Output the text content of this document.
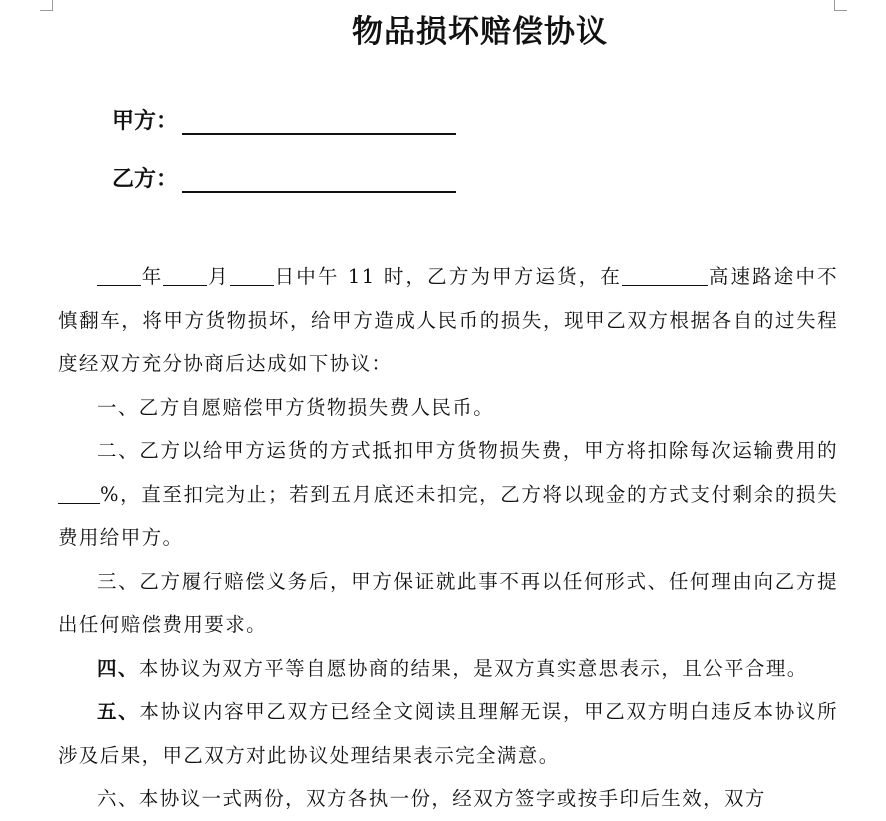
物品损坏赔偿协议
甲方：
乙方：

年 月 日中午 11 时，乙方为甲方运货，在	高速路途中不慎翻车，将甲方货物损坏，给甲方造成人民币的损失，现甲乙双方根据各自的过失程度经双方充分协商后达成如下协议：

一、乙方自愿赔偿甲方货物损失费人民币。

二、乙方以给甲方运货的方式抵扣甲方货物损失费，甲方将扣除每次运输费用的%，直至扣完为止；若到五月底还未扣完，乙方将以现金的方式支付剩余的损失费用给甲方。

三、乙方履行赔偿义务后，甲方保证就此事不再以任何形式、任何理由向乙方提出任何赔偿费用要求。

四、本协议为双方平等自愿协商的结果，是双方真实意思表示，且公平合理。

五、本协议内容甲乙双方已经全文阅读且理解无误，甲乙双方明白违反本协议所涉及后果，甲乙双方对此协议处理结果表示完全满意。

六、本协议一式两份，双方各执一份，经双方签字或按手印后生效，双方
